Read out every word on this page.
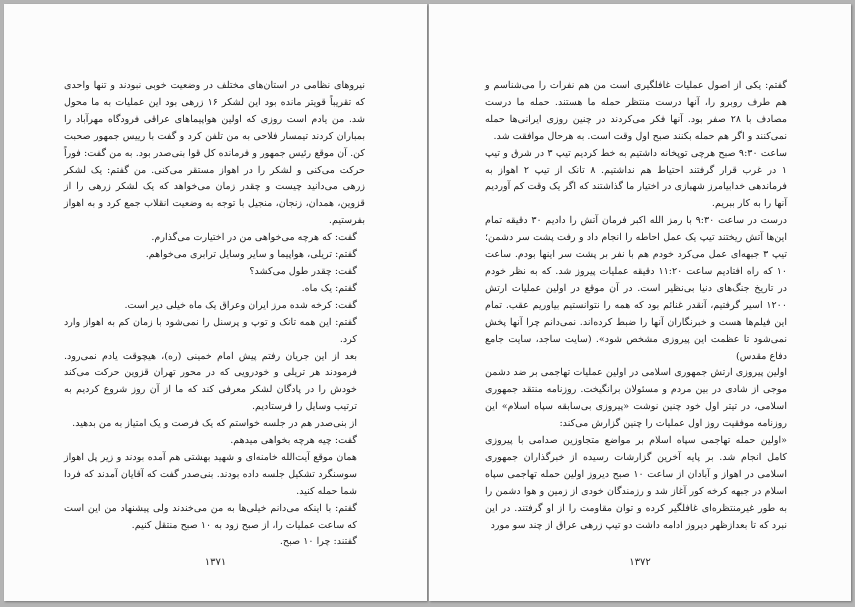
نیروهای نظامی در استان‌های مختلف در وضعیت خوبی نبودند و تنها واحدی که تقریباً قویتر مانده بود این لشکر ۱۶ زرهی بود این عملیات به ما محول شد. من یادم است روزی که اولین هواپیماهای عراقی فرودگاه مهرآباد را بمباران کردند تیمسار فلاحی به من تلفن کرد و گفت با رییس جمهور صحبت کن. آن موقع رئیس جمهور و فرمانده کل قوا بنی‌صدر بود. به من گفت: فوراً حرکت می‌کنی و لشکر را در اهواز مستقر می‌کنی. من گفتم: یک لشکر زرهی می‌دانید چیست و چقدر زمان می‌خواهد که یک لشکر زرهی را از قزوین، همدان، زنجان، منجیل با توجه به وضعیت انقلاب جمع کرد و به اهواز بفرستیم.

گفت: که هرچه می‌خواهی من در اختیارت می‌گذارم.

گفتم: تریلی، هواپیما و سایر وسایل ترابری می‌خواهم.

گفت: چقدر طول می‌کشد؟

گفتم: یک ماه.

گفت: کرخه شده مرز ایران وعراق یک ماه خیلی دیر است.

گفتم: این همه تانک و توپ و پرسنل را نمی‌شود با زمان کم به اهواز وارد کرد.

بعد از این جریان رفتم پیش امام خمینی (ره)، هیچوقت یادم نمی‌رود. فرمودند هر تریلی و خودرویی که در محور تهران قزوین حرکت می‌کند خودش را در پادگان لشکر معرفی کند که ما از آن روز شروع کردیم به ترتیب وسایل را فرستادیم.

از بنی‌صدر هم در جلسه خواستم که یک فرصت و یک امتیاز به من بدهید.

گفت: چیه هرچه بخواهی میدهم.

همان موقع آیت‌الله خامنه‌ای و شهید بهشتی هم آمده بودند و زیر پل اهواز سوسنگرد تشکیل جلسه داده بودند. بنی‌صدر گفت که آقایان آمدند که فردا شما حمله کنید.

گفتم: با اینکه می‌دانم خیلی‌ها به من می‌خندند ولی پیشنهاد من این است که ساعت عملیات را، از صبح زود به ۱۰ صبح منتقل کنیم.

گفتند: چرا ۱۰ صبح.

۱۳۷۱

گفتم: یکی از اصول عملیات غافلگیری است من هم نفرات را می‌شناسم و هم طرف روبرو را، آنها درست منتظر حمله ما هستند. حمله ما درست مصادف با ۲۸ صفر بود. آنها فکر می‌کردند در چنین روزی ایرانی‌ها حمله نمی‌کنند و اگر هم حمله بکنند صبح اول وقت است. به هرحال موافقت شد.

ساعت ۹:۳۰ صبح هرچی توپخانه داشتیم به خط کردیم تیپ ۳ در شرق و تیپ ۱ در غرب قرار گرفتند احتیاط هم نداشتیم. ۸ تانک از تیپ ۲ اهواز به فرماندهی خدابیامرز شهبازی در اختیار ما گذاشتند که اگر یک وقت کم آوردیم آنها را به کار ببریم.

درست در ساعت ۹:۳۰ با رمز الله اکبر فرمان آتش را دادیم ۳۰ دقیقه تمام این‌ها آتش ریختند تیپ یک عمل احاطه را انجام داد و رفت پشت سر دشمن؛ تیپ ۳ جبهه‌ای عمل می‌کرد خودم هم با نفر بر پشت سر اینها بودم. ساعت ۱۰ که راه افتادیم ساعت ۱۱:۲۰ دقیقه عملیات پیروز شد. که به نظر خودم در تاریخ جنگ‌های دنیا بی‌نظیر است. در آن موقع در اولین عملیات ارتش ۱۲۰۰ اسیر گرفتیم، آنقدر غنائم بود که همه را نتوانستیم بیاوریم عقب. تمام این فیلم‌ها هست و خبرنگاران آنها را ضبط کرده‌اند. نمی‌دانم چرا آنها پخش نمی‌شود تا عظمت این پیروزی مشخص شود». (سایت ساجد، سایت جامع دفاع مقدس)

اولین پیروزی ارتش جمهوری اسلامی در اولین عملیات تهاجمی بر ضد دشمن موجی از شادی در بین مردم و مسئولان برانگیخت. روزنامه منتقد جمهوری اسلامی، در تیتر اول خود چنین نوشت «پیروزی بی‌سابقه سپاه اسلام» این روزنامه موفقیت روز اول عملیات را چنین گزارش می‌کند:

«اولین حمله تهاجمی سپاه اسلام بر مواضع متجاوزین صدامی با پیروزی کامل انجام شد. بر پایه آخرین گزارشات رسیده از خبرگذاران جمهوری اسلامی در اهواز و آبادان از ساعت ۱۰ صبح دیروز اولین حمله تهاجمی سپاه اسلام در جبهه کرخه کور آغاز شد و رزمندگان خودی از زمین و هوا دشمن را به طور غیرمنتظره‌ای غافلگیر کرده و توان مقاومت را از او گرفتند. در این نبرد که تا بعدازظهر دیروز ادامه داشت دو تیپ زرهی عراق از چند سو مورد

۱۳۷۲
